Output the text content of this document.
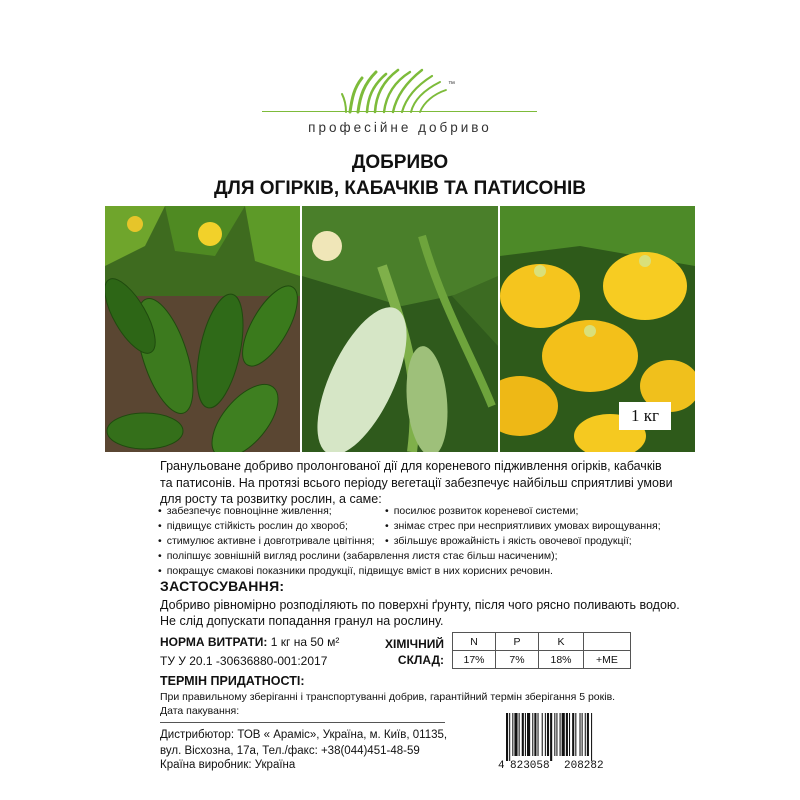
™
професійне добриво
ДОБРИВО
ДЛЯ ОГІРКІВ, КАБАЧКІВ ТА ПАТИСОНІВ
1 кг
Гранульоване добриво пролонгованої дії для кореневого підживлення огірків, кабачків та патисонів. На протязі всього періоду вегетації забезпечує найбільш сприятливі умови для росту та розвитку рослин, а саме:
• забезпечує повноцінне живлення;
• підвищує стійкість рослин до хвороб;
• стимулює активне і довготривале цвітіння;
• посилює розвиток кореневої системи;
• знімає стрес при несприятливих умовах вирощування;
• збільшує врожайність і якість овочевої продукції;
• поліпшує зовнішній вигляд рослини (забарвлення листя стає більш насиченим);
• покращує смакові показники продукції, підвищує вміст в них корисних речовин.
ЗАСТОСУВАННЯ:
Добриво рівномірно розподіляють по поверхні ґрунту, після чого рясно поливають водою. Не слід допускати попадання гранул на рослину.
НОРМА ВИТРАТИ: 1 кг на 50 м²
ТУ У 20.1 -30636880-001:2017
ХІМІЧНИЙ
СКЛАД:
N	P	K	
17%	7%	18%	+МЕ
ТЕРМІН ПРИДАТНОСТІ:
При правильному зберіганні і транспортуванні добрив, гарантійний термін зберігання 5 років.
Дата пакування:
Дистрибютор: ТОВ « Араміс», Україна, м. Київ, 01135,
вул. Вісхозна, 17а, Тел./факс: +38(044)451-48-59
Країна виробник: Україна	4 823058 208282
